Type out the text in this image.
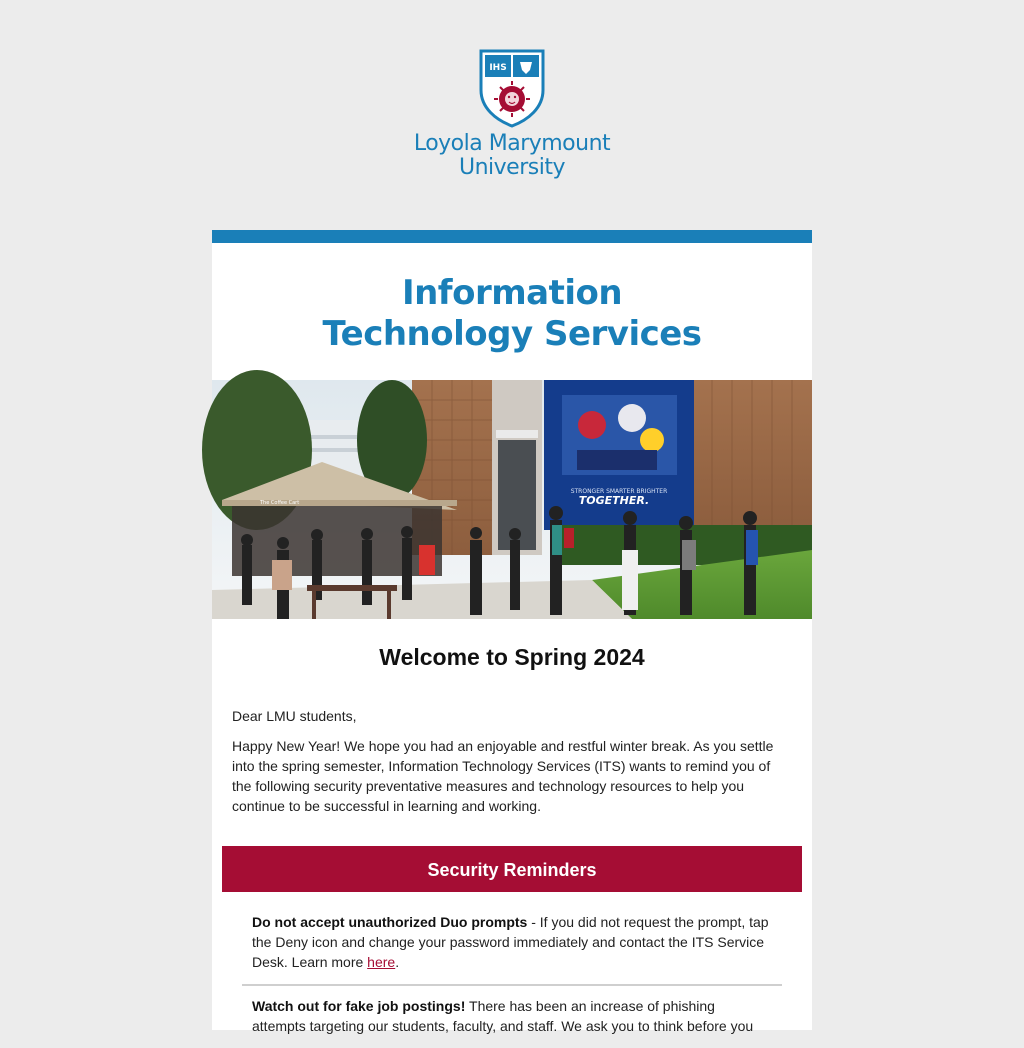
IHS
Loyola Marymount
University
Information Technology Services
STRONGER SMARTER BRIGHTER
TOGETHER.
The Coffee Cart
Welcome to Spring 2024

Dear LMU students,

Happy New Year! We hope you had an enjoyable and restful winter break. As you settle into the spring semester, Information Technology Services (ITS) wants to remind you of the following security preventative measures and technology resources to help you continue to be successful in learning and working.

Security Reminders
Do not accept unauthorized Duo prompts - If you did not request the prompt, tap the Deny icon and change your password immediately and contact the ITS Service Desk. Learn more here.
Watch out for fake job postings! There has been an increase of phishing attempts targeting our students, faculty, and staff. We ask you to think before you
